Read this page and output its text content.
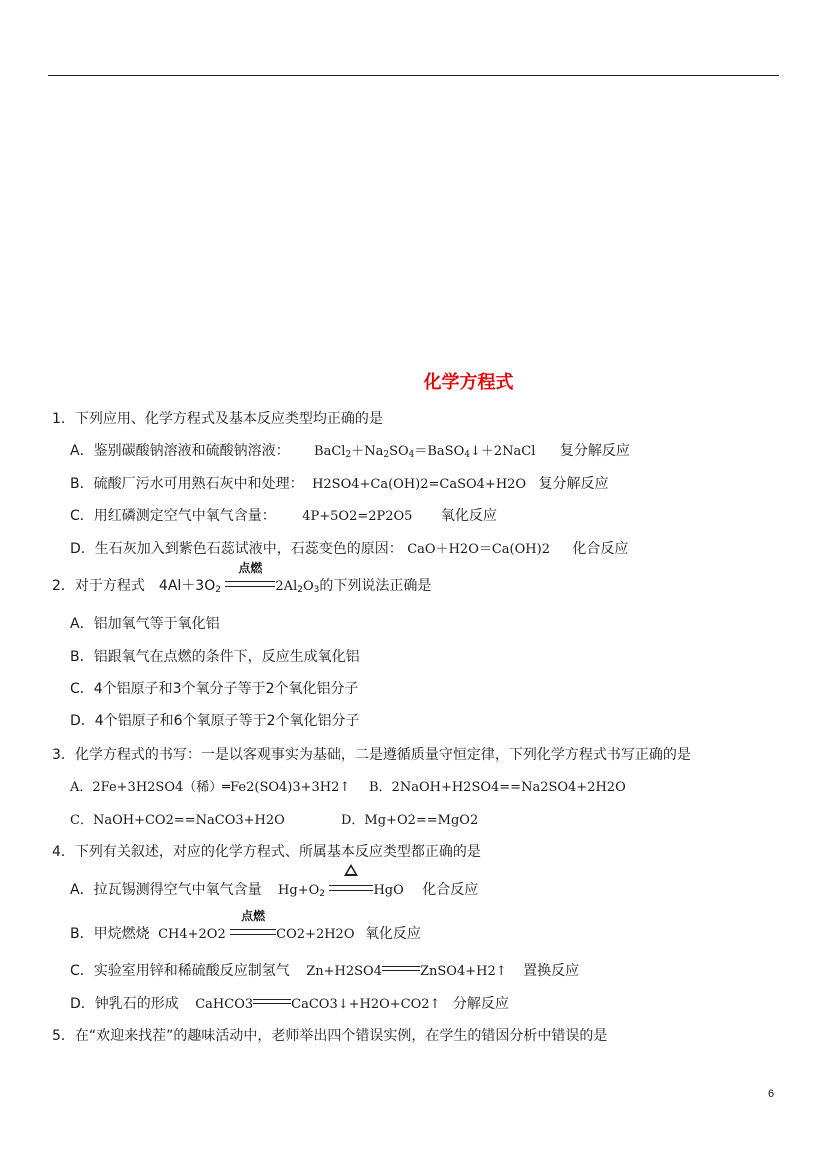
化学方程式
1．下列应用、化学方程式及基本反应类型均正确的是
A．鉴别碳酸钠溶液和硫酸钠溶液： $BaCl_2+Na_2SO_4=BaSO_4↓+2NaCl$ 复分解反应
B．硫酸厂污水可用熟石灰中和处理： H2SO4+Ca(OH)2=CaSO4+H2O 复分解反应
C．用红磷测定空气中氧气含量： 4P+5O2=2P2O5 氧化反应
D．生石灰加入到紫色石蕊试液中，石蕊变色的原因： CaO＋H2O＝Ca(OH)2 化合反应
2．对于方程式　$4Al+3O_2$
点燃
$2Al_2O_3$的下列说法正确是
A．铝加氧气等于氧化铝
B．铝跟氧气在点燃的条件下，反应生成氧化铝
C．4个铝原子和3个氧分子等于2个氧化铝分子
D．4个铝原子和6个氧原子等于2个氧化铝分子
3．化学方程式的书写：一是以客观事实为基础，二是遵循质量守恒定律，下列化学方程式书写正确的是
A．2Fe+3H2SO4（稀）═Fe2(SO4)3+3H2↑ B．2NaOH+H2SO4==Na2SO4+2H2O
C．NaOH+CO2==NaCO3+H2O	D．Mg+O2==MgO2
4．下列有关叙述，对应的化学方程式、所属基本反应类型都正确的是
A．拉瓦锡测得空气中氧气含量 $Hg+O_2$	HgO 化合反应
B．甲烷燃烧 CH4+2O2
点燃
CO2+2H2O 氧化反应
C．实验室用锌和稀硫酸反应制氢气 Zn+H2SO4	ZnSO4+H2↑ 置换反应
D．钟乳石的形成 CaHCO3	CaCO3↓+H2O+CO2↑ 分解反应
5．在“欢迎来找茬”的趣味活动中，老师举出四个错误实例，在学生的错因分析中错误的是
6
